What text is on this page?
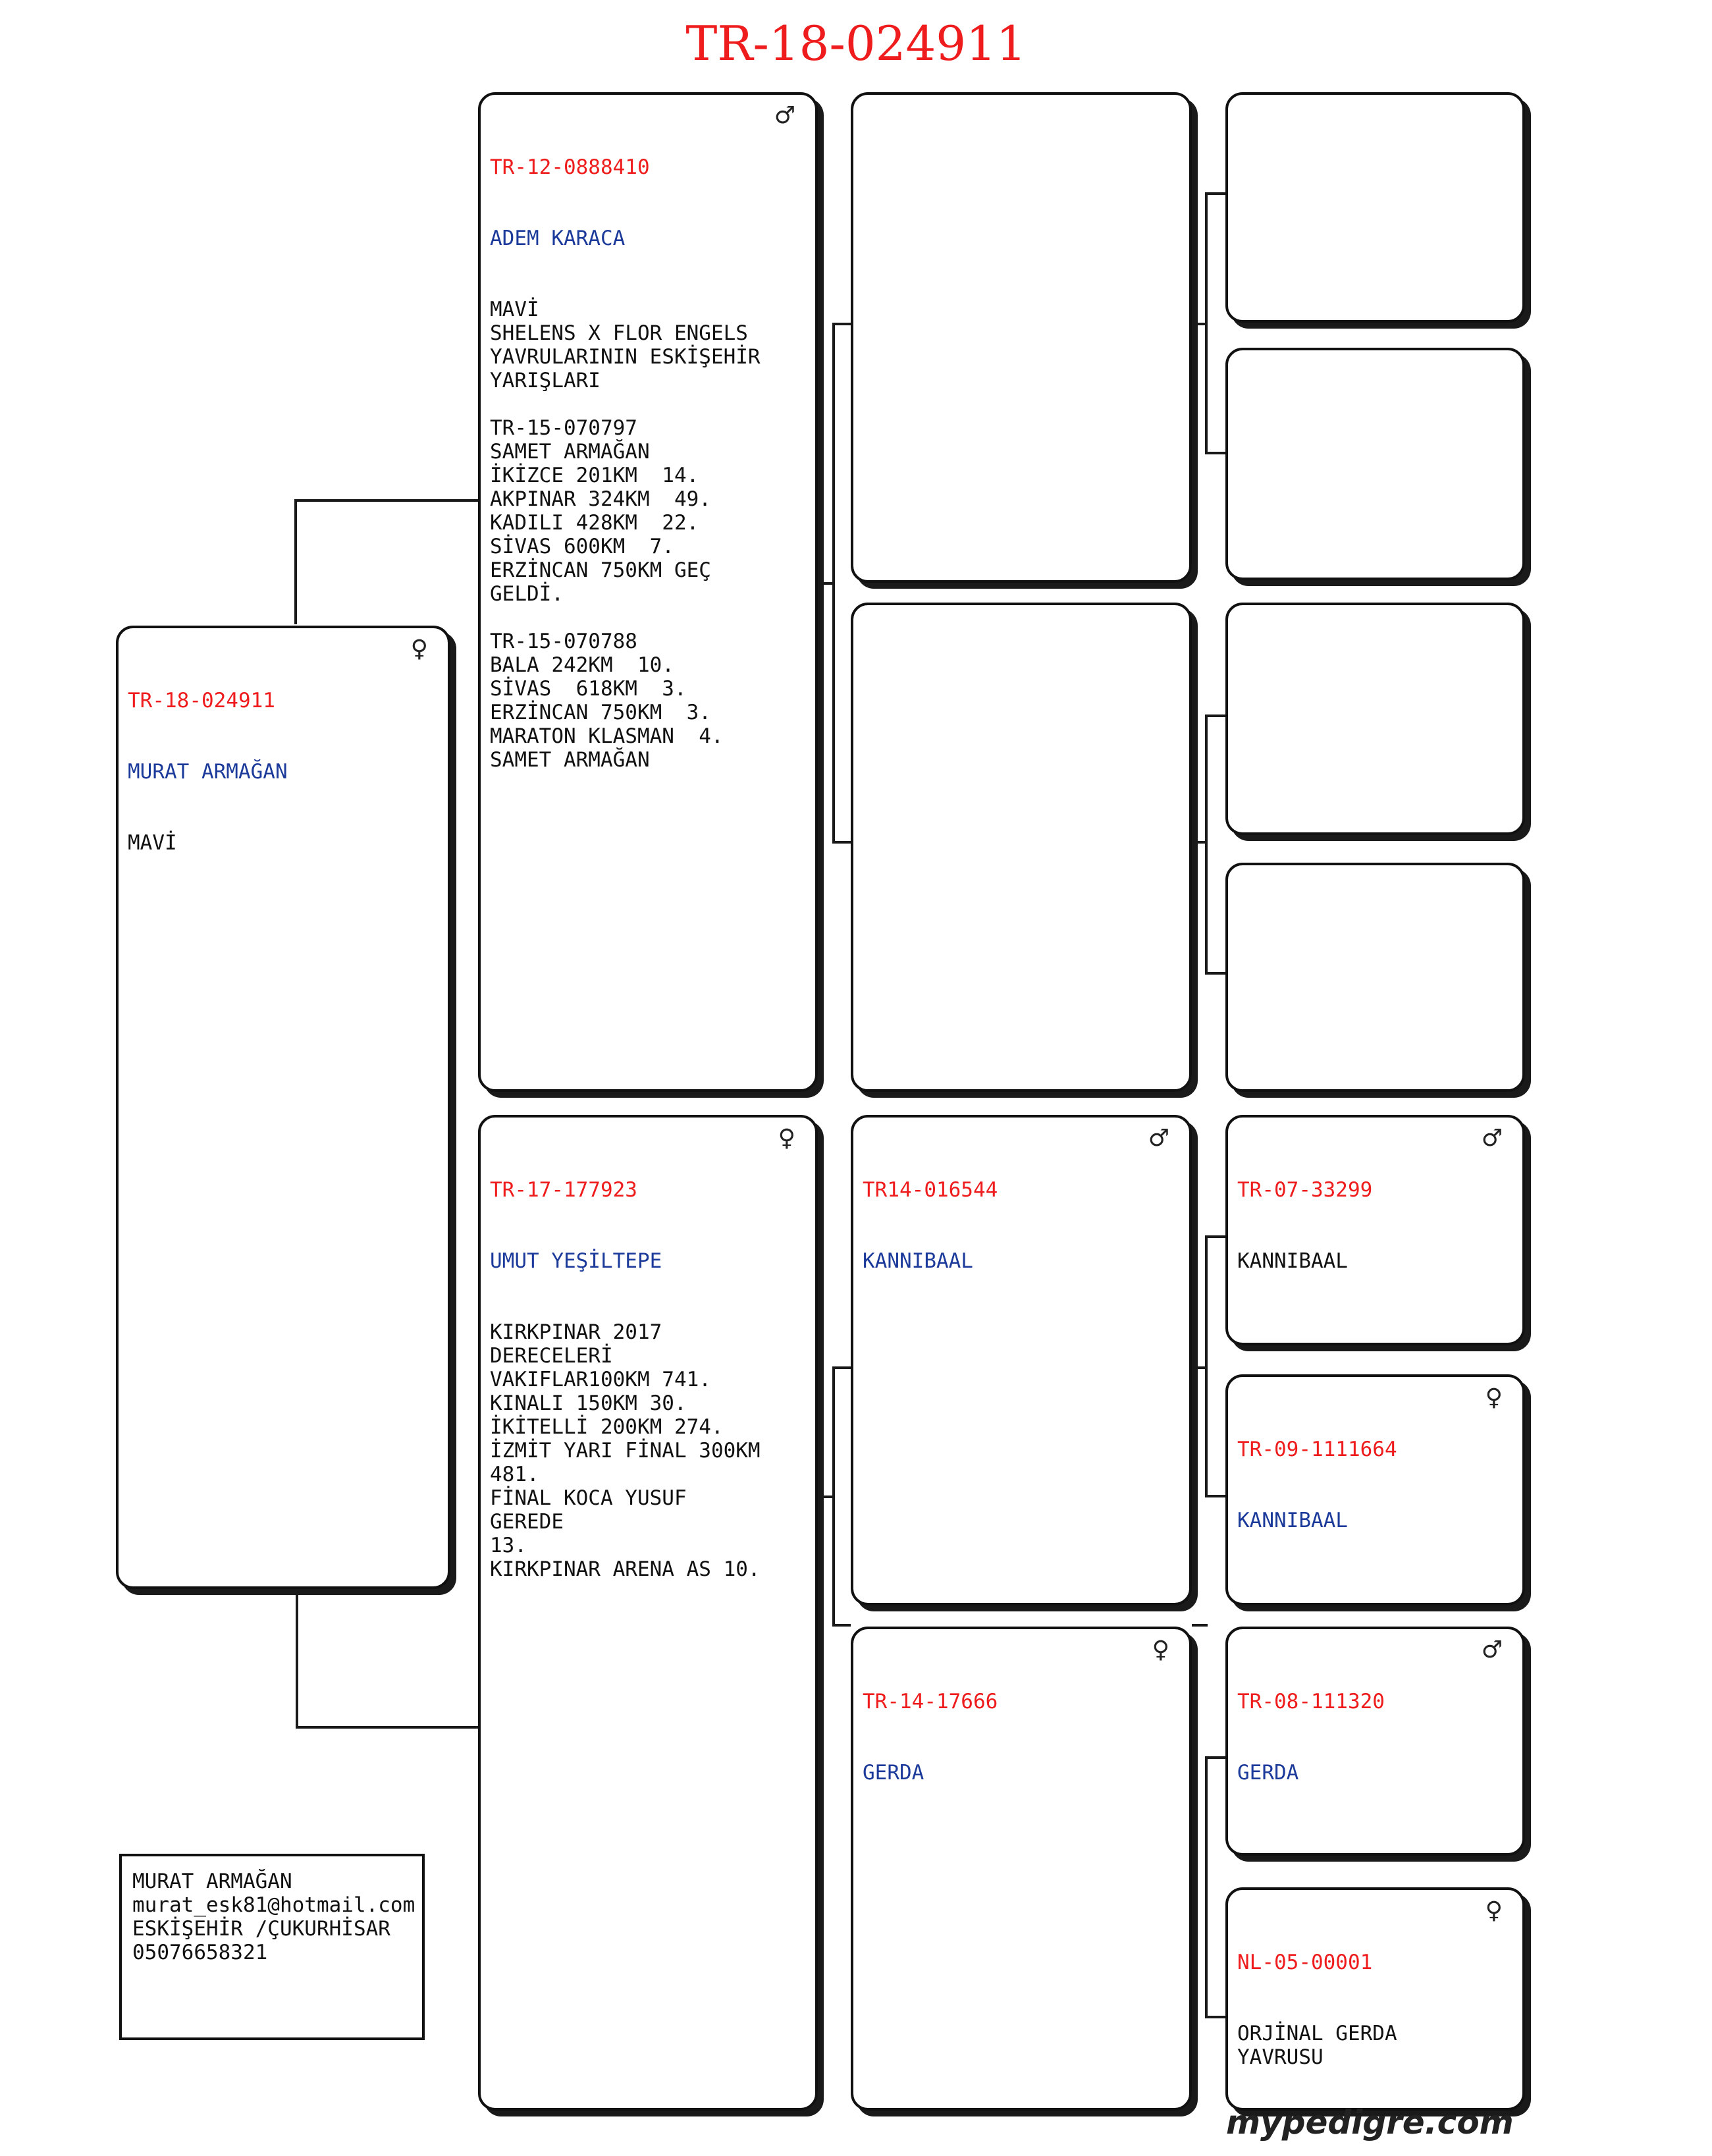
TR-18-024911

TR-18-024911

MURAT ARMAĞAN

MAVİ

♀

TR-12-0888410

ADEM KARACA

MAVİ
SHELENS X FLOR ENGELS
YAVRULARININ ESKİŞEHİR
YARIŞLARI

TR-15-070797
SAMET ARMAĞAN
İKİZCE 201KM  14.
AKPINAR 324KM  49.
KADILI 428KM  22.
SİVAS 600KM  7.
ERZİNCAN 750KM GEÇ GELDİ.

TR-15-070788
BALA 242KM  10.
SİVAS  618KM  3.
ERZİNCAN 750KM  3.
MARATON KLASMAN  4.
SAMET ARMAĞAN

♂

TR-17-177923

UMUT YEŞİLTEPE

KIRKPINAR 2017 DERECELERİ
VAKIFLAR100KM 741.
KINALI 150KM 30.
İKİTELLİ 200KM 274.
İZMİT YARI FİNAL 300KM
481.
FİNAL KOCA YUSUF GEREDE
13.
KIRKPINAR ARENA AS 10.

♀

TR14-016544

KANNIBAAL

♂

TR-14-17666

GERDA

♀

TR-07-33299

KANNIBAAL

♂

TR-09-1111664

KANNIBAAL

♀

TR-08-111320

GERDA

♂

NL-05-00001

ORJİNAL GERDA YAVRUSU

♀
MURAT ARMAĞAN
murat_esk81@hotmail.com
ESKİŞEHİR /ÇUKURHİSAR
05076658321
mypedigre.com
